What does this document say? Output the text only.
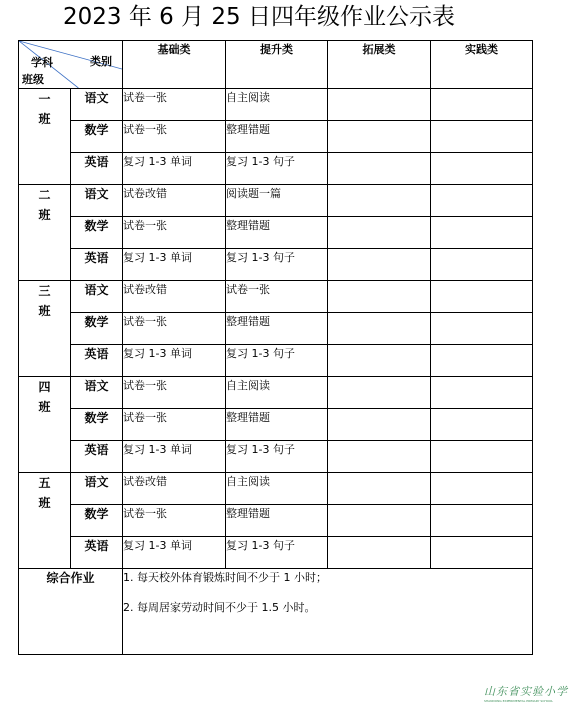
2023 年 6 月 25 日四年级作业公示表
类别
学科
班级		基础类	提升类	拓展类	实践类
一
班	语文	试卷一张	自主阅读		
	数学	试卷一张	整理错题		
	英语	复习 1-3 单词	复习 1-3 句子		
二
班	语文	试卷改错	阅读题一篇		
	数学	试卷一张	整理错题		
	英语	复习 1-3 单词	复习 1-3 句子		
三
班	语文	试卷改错	试卷一张		
	数学	试卷一张	整理错题		
	英语	复习 1-3 单词	复习 1-3 句子		
四
班	语文	试卷一张	自主阅读		
	数学	试卷一张	整理错题		
	英语	复习 1-3 单词	复习 1-3 句子		
五
班	语文	试卷改错	自主阅读		
	数学	试卷一张	整理错题		
	英语	复习 1-3 单词	复习 1-3 句子		
综合作业		1. 每天校外体育锻炼时间不少于 1 小时；

2. 每周居家劳动时间不少于 1.5 小时。			

山东省实验小学
SHANDONG EXPERIMENTAL PRIMARY SCHOOL
